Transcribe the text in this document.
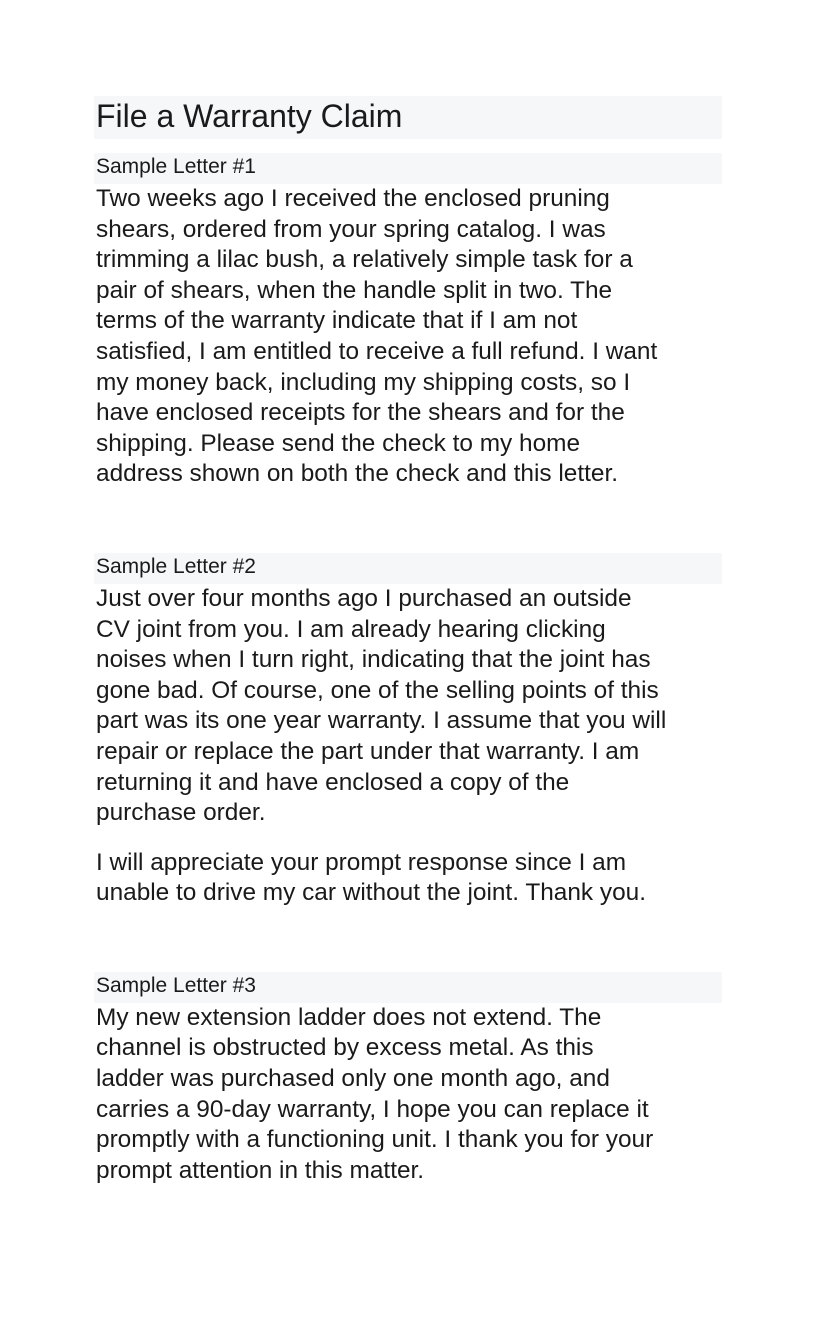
File a Warranty Claim
Sample Letter #1

Two weeks ago I received the enclosed pruning
shears, ordered from your spring catalog. I was
trimming a lilac bush, a relatively simple task for a
pair of shears, when the handle split in two. The
terms of the warranty indicate that if I am not
satisfied, I am entitled to receive a full refund. I want
my money back, including my shipping costs, so I
have enclosed receipts for the shears and for the
shipping. Please send the check to my home
address shown on both the check and this letter.

Sample Letter #2

Just over four months ago I purchased an outside
CV joint from you. I am already hearing clicking
noises when I turn right, indicating that the joint has
gone bad. Of course, one of the selling points of this
part was its one year warranty. I assume that you will
repair or replace the part under that warranty. I am
returning it and have enclosed a copy of the
purchase order.

I will appreciate your prompt response since I am
unable to drive my car without the joint. Thank you.

Sample Letter #3

My new extension ladder does not extend. The
channel is obstructed by excess metal. As this
ladder was purchased only one month ago, and
carries a 90-day warranty, I hope you can replace it
promptly with a functioning unit. I thank you for your
prompt attention in this matter.
